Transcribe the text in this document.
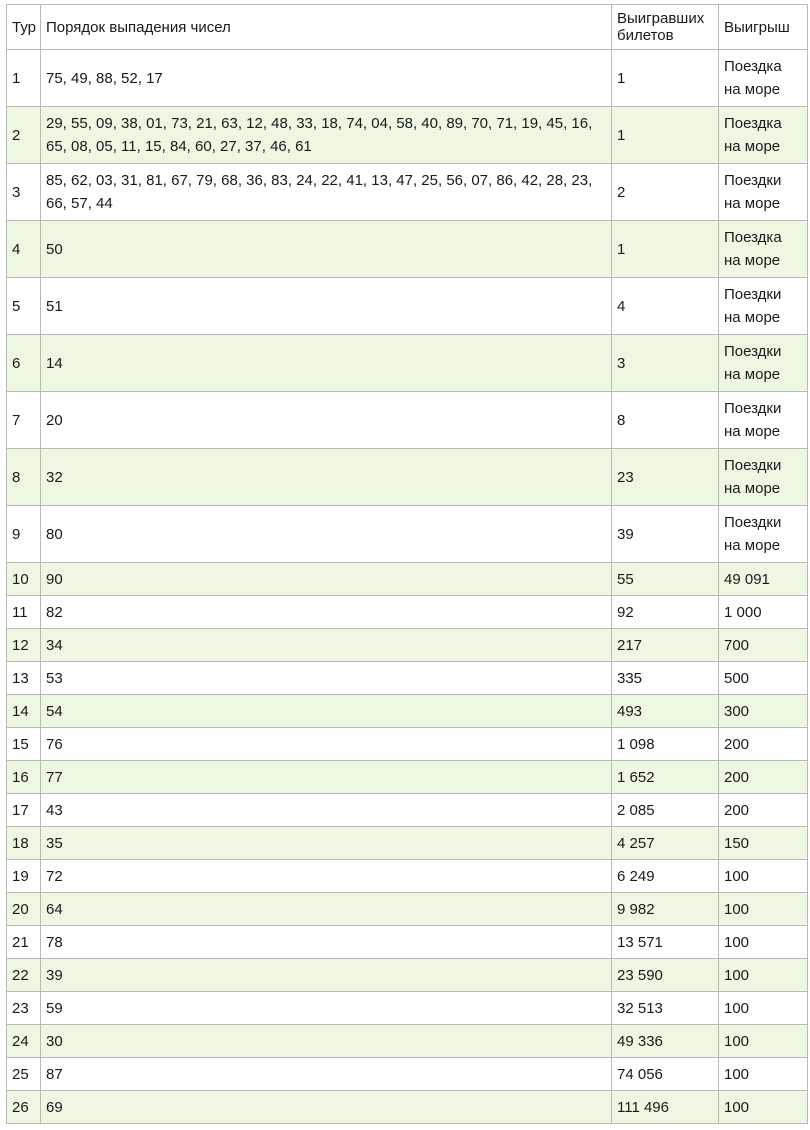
Тур	Порядок выпадения чисел	Выигравших билетов	Выигрыш
1	75, 49, 88, 52, 17	1	Поездка на море
2	29, 55, 09, 38, 01, 73, 21, 63, 12, 48, 33, 18, 74, 04, 58, 40, 89, 70, 71, 19, 45, 16, 65, 08, 05, 11, 15, 84, 60, 27, 37, 46, 61	1	Поездка на море
3	85, 62, 03, 31, 81, 67, 79, 68, 36, 83, 24, 22, 41, 13, 47, 25, 56, 07, 86, 42, 28, 23, 66, 57, 44	2	Поездки на море
4	50	1	Поездка на море
5	51	4	Поездки на море
6	14	3	Поездки на море
7	20	8	Поездки на море
8	32	23	Поездки на море
9	80	39	Поездки на море
10	90	55	49 091
11	82	92	1 000
12	34	217	700
13	53	335	500
14	54	493	300
15	76	1 098	200
16	77	1 652	200
17	43	2 085	200
18	35	4 257	150
19	72	6 249	100
20	64	9 982	100
21	78	13 571	100
22	39	23 590	100
23	59	32 513	100
24	30	49 336	100
25	87	74 056	100
26	69	111 496	100
